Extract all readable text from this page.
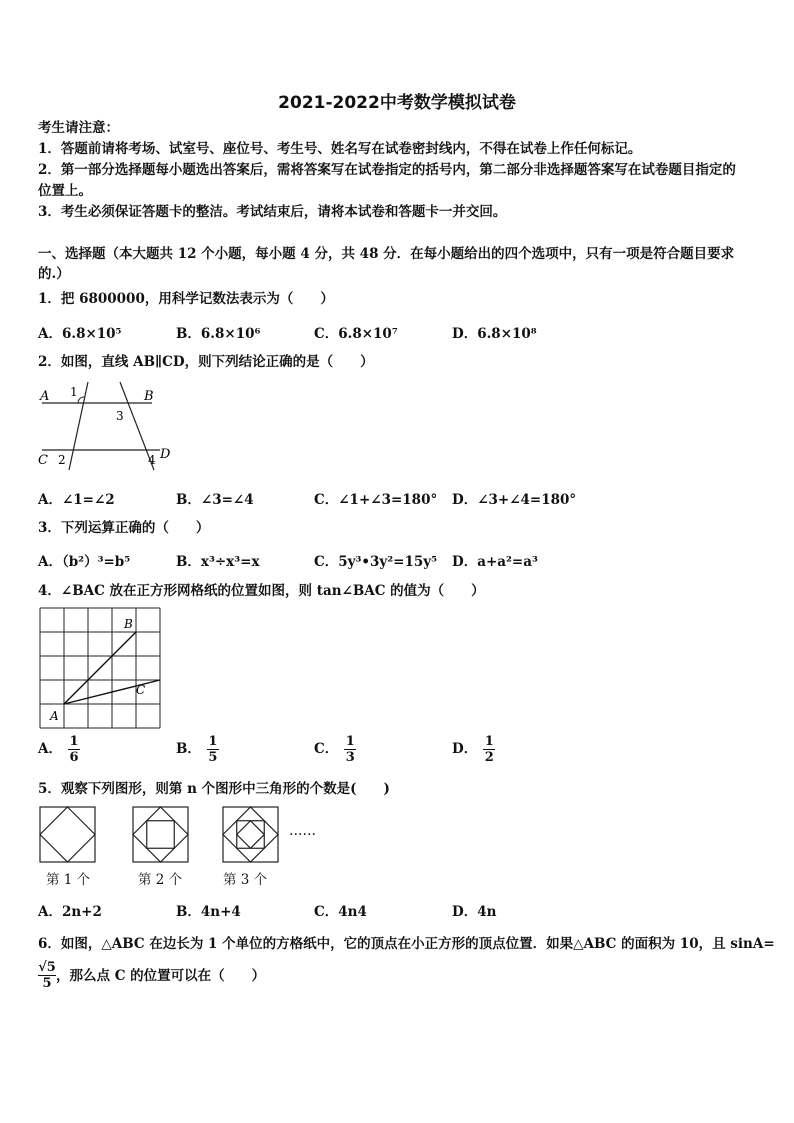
2021-2022中考数学模拟试卷
考生请注意：
1．答题前请将考场、试室号、座位号、考生号、姓名写在试卷密封线内，不得在试卷上作任何标记。
2．第一部分选择题每小题选出答案后，需将答案写在试卷指定的括号内，第二部分非选择题答案写在试卷题目指定的
位置上。
3．考生必须保证答题卡的整洁。考试结束后，请将本试卷和答题卡一并交回。
一、选择题（本大题共 12 个小题，每小题 4 分，共 48 分．在每小题给出的四个选项中，只有一项是符合题目要求
的.）
1．把 6800000，用科学记数法表示为（　　）
A．6.8×10⁵	B．6.8×10⁶	C．6.8×10⁷	D．6.8×10⁸
2．如图，直线 AB∥CD，则下列结论正确的是（　　）
A	B
C	D
1
2
3
4
A．∠1=∠2	B．∠3=∠4	C．∠1+∠3=180° D．∠3+∠4=180°
3．下列运算正确的（　　）
A．（b²）³=b⁵	B．x³÷x³=x	C．5y³•3y²=15y⁵ D．a+a²=a³
4．∠BAC 放在正方形网格纸的位置如图，则 tan∠BAC 的值为（　　）
A
B
C
A． $\frac{1}{6}$	B． $\frac{1}{5}$	C． $\frac{1}{3}$	D． $\frac{1}{2}$
5．观察下列图形，则第 n 个图形中三角形的个数是(　　)
……
第 1 个	第 2 个	第 3 个
A．2n+2	B．4n+4	C．4n4	D．4n
6．如图，△ABC 在边长为 1 个单位的方格纸中，它的顶点在小正方形的顶点位置．如果△ABC 的面积为 10，且 sinA=
$\frac{√5}{5}$ ，那么点 C 的位置可以在（　　）
